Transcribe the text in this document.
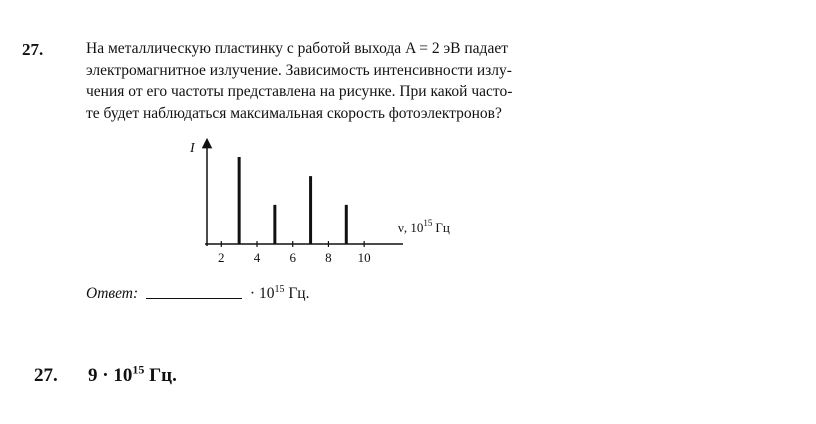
27.	На металлическую пластинку с работой выхода A = 2 эВ падает
электромагнитное излучение. Зависимость интенсивности излу-
чения от его частоты представлена на рисунке. При какой часто-
те будет наблюдаться максимальная скорость фотоэлектронов?
2 4 6 8 10
I
ν, $10^{15}$ Гц
Ответ:	· $10^{15}$ Гц.
27. $9 \cdot 10^{15}$ Гц.
